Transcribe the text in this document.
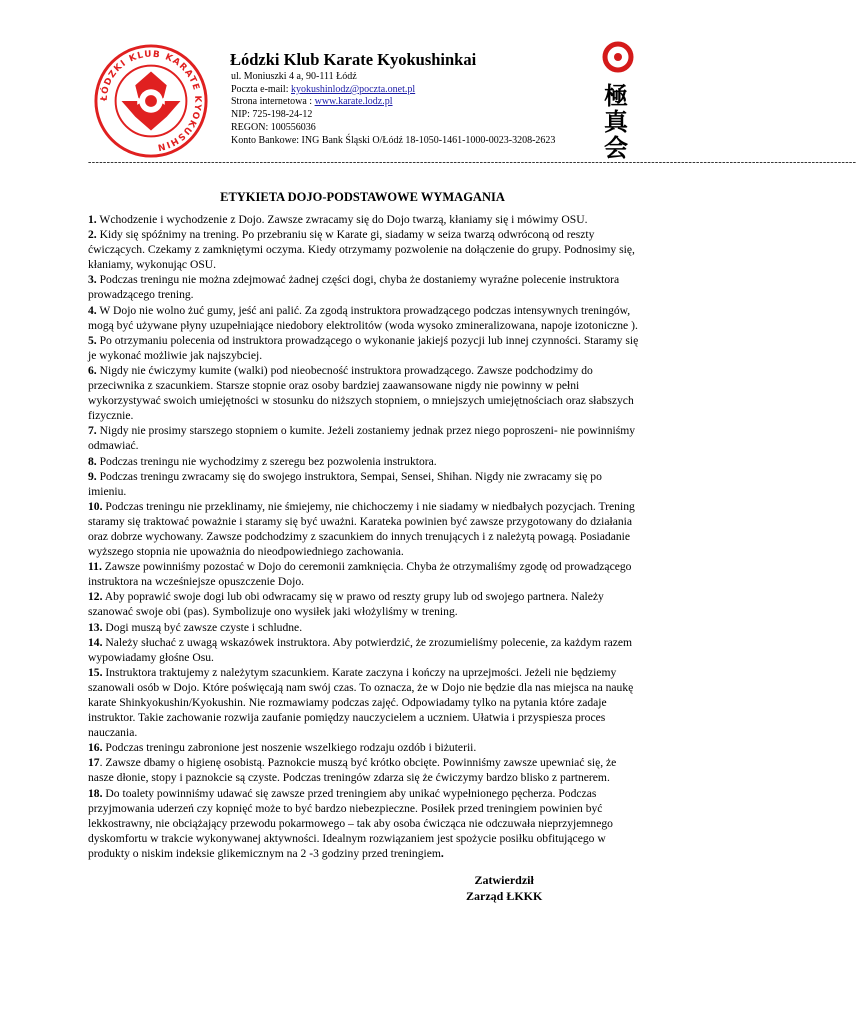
ŁÓDZKI KLUB KARATE KYOKUSHIN
極真会
Łódzki Klub Karate Kyokushinkai
ul. Moniuszki 4 a, 90-111 Łódź
Poczta e-mail: kyokushinlodz@poczta.onet.pl
Strona internetowa : www.karate.lodz.pl
NIP: 725-198-24-12
REGON: 100556036
Konto Bankowe: ING Bank Śląski O/Łódź 18-1050-1461-1000-0023-3208-2623
--------------------------------------------------------------------------------------------------------------------------------------------------------------------------------------------------------------
ETYKIETA DOJO-PODSTAWOWE WYMAGANIA

1. Wchodzenie i wychodzenie z Dojo. Zawsze zwracamy się do Dojo twarzą, kłaniamy się i mówimy OSU.

2. Kidy się spóźnimy na trening. Po przebraniu się w Karate gi, siadamy w seiza twarzą odwróconą od reszty ćwiczących. Czekamy z zamkniętymi oczyma. Kiedy otrzymamy pozwolenie na dołączenie do grupy. Podnosimy się, kłaniamy, wykonując OSU.

3. Podczas treningu nie można zdejmować żadnej części dogi, chyba że dostaniemy wyraźne polecenie instruktora prowadzącego trening.

4. W Dojo nie wolno żuć gumy, jeść ani palić. Za zgodą instruktora prowadzącego podczas intensywnych treningów, mogą być używane płyny uzupełniające niedobory elektrolitów (woda wysoko zmineralizowana, napoje izotoniczne ).

5. Po otrzymaniu polecenia od instruktora prowadzącego o wykonanie jakiejś pozycji lub innej czynności. Staramy się je wykonać możliwie jak najszybciej.

6. Nigdy nie ćwiczymy kumite (walki) pod nieobecność instruktora prowadzącego. Zawsze podchodzimy do przeciwnika z szacunkiem. Starsze stopnie oraz osoby bardziej zaawansowane nigdy nie powinny w pełni wykorzystywać swoich umiejętności w stosunku do niższych stopniem, o mniejszych umiejętnościach oraz słabszych fizycznie.

7. Nigdy nie prosimy starszego stopniem o kumite. Jeżeli zostaniemy jednak przez niego poproszeni- nie powinniśmy odmawiać.

8. Podczas treningu nie wychodzimy z szeregu bez pozwolenia instruktora.

9. Podczas treningu zwracamy się do swojego instruktora, Sempai, Sensei, Shihan. Nigdy nie zwracamy się po imieniu.

10. Podczas treningu nie przeklinamy, nie śmiejemy, nie chichoczemy i nie siadamy w niedbałych pozycjach. Trening staramy się traktować poważnie i staramy się być uważni. Karateka powinien być zawsze przygotowany do działania oraz dobrze wychowany. Zawsze podchodzimy z szacunkiem do innych trenujących i z należytą powagą. Posiadanie wyższego stopnia nie upoważnia do nieodpowiedniego zachowania.

11. Zawsze powinniśmy pozostać w Dojo do ceremonii zamknięcia. Chyba że otrzymaliśmy zgodę od prowadzącego instruktora na wcześniejsze opuszczenie Dojo.

12. Aby poprawić swoje dogi lub obi odwracamy się w prawo od reszty grupy lub od swojego partnera. Należy szanować swoje obi (pas). Symbolizuje ono wysiłek jaki włożyliśmy w trening.

13. Dogi muszą być zawsze czyste i schludne.

14. Należy słuchać z uwagą wskazówek instruktora. Aby potwierdzić, że zrozumieliśmy polecenie, za każdym razem wypowiadamy głośne Osu.

15. Instruktora traktujemy z należytym szacunkiem. Karate zaczyna i kończy na uprzejmości. Jeżeli nie będziemy szanowali osób w Dojo. Które poświęcają nam swój czas. To oznacza, że w Dojo nie będzie dla nas miejsca na naukę karate Shinkyokushin/Kyokushin. Nie rozmawiamy podczas zajęć. Odpowiadamy tylko na pytania które zadaje instruktor. Takie zachowanie rozwija zaufanie pomiędzy nauczycielem a uczniem. Ułatwia i przyspiesza proces nauczania.

16. Podczas treningu zabronione jest noszenie wszelkiego rodzaju ozdób i biżuterii.

17. Zawsze dbamy o higienę osobistą. Paznokcie muszą być krótko obcięte. Powinniśmy zawsze upewniać się, że nasze dłonie, stopy i paznokcie są czyste. Podczas treningów zdarza się że ćwiczymy bardzo blisko z partnerem.

18. Do toalety powinniśmy udawać się zawsze przed treningiem aby unikać wypełnionego pęcherza. Podczas przyjmowania uderzeń czy kopnięć może to być bardzo niebezpieczne. Posiłek przed treningiem powinien być lekkostrawny, nie obciążający przewodu pokarmowego – tak aby osoba ćwicząca nie odczuwała nieprzyjemnego dyskomfortu w trakcie wykonywanej aktywności. Idealnym rozwiązaniem jest spożycie posiłku obfitującego w produkty o niskim indeksie glikemicznym na 2 -3 godziny przed treningiem.

Zatwierdził
Zarząd ŁKKK
